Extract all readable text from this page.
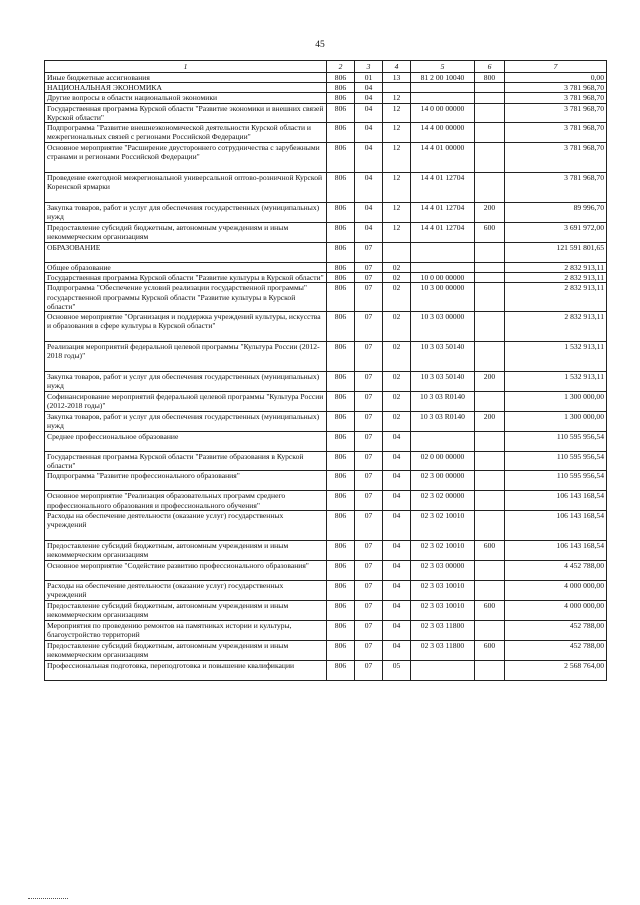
45
1	2	3	4	5	6	7
Иные бюджетные ассигнования	806	01	13	81 2 00 10040	800	0,00
НАЦИОНАЛЬНАЯ ЭКОНОМИКА	806	04				3 781 968,70
Другие вопросы в области национальной экономики	806	04	12			3 781 968,70
Государственная программа Курской области "Развитие экономики и внешних связей Курской области"	806	04	12	14 0 00 00000		3 781 968,70
Подпрограмма "Развитие внешнеэкономической деятельности Курской области и межрегиональных связей с регионами Российской Федерации"	806	04	12	14 4 00 00000		3 781 968,70
Основное мероприятие "Расширение двустороннего сотрудничества с зарубежными странами и регионами Российской Федерации"	806	04	12	14 4 01 00000		3 781 968,70
Проведение ежегодной межрегиональной универсальной оптово-розничной Курской Коренской ярмарки	806	04	12	14 4 01 12704		3 781 968,70
Закупка товаров, работ и услуг для обеспечения государственных (муниципальных) нужд	806	04	12	14 4 01 12704	200	89 996,70
Предоставление субсидий бюджетным, автономным учреждениям и иным некоммерческим организациям	806	04	12	14 4 01 12704	600	3 691 972,00
ОБРАЗОВАНИЕ	806	07				121 591 801,65
Общее образование	806	07	02			2 832 913,11
Государственная программа Курской области "Развитие культуры в Курской области"	806	07	02	10 0 00 00000		2 832 913,11
Подпрограмма "Обеспечение условий реализации государственной программы" государственной программы Курской области "Развитие культуры в Курской области"	806	07	02	10 3 00 00000		2 832 913,11
Основное мероприятие "Организация и поддержка учреждений культуры, искусства и образования в сфере культуры в Курской области"	806	07	02	10 3 03 00000		2 832 913,11
Реализация мероприятий федеральной целевой программы "Культура России (2012-2018 годы)"	806	07	02	10 3 03 50140		1 532 913,11
Закупка товаров, работ и услуг для обеспечения государственных (муниципальных) нужд	806	07	02	10 3 03 50140	200	1 532 913,11
Софинансирование мероприятий федеральной целевой программы "Культура России (2012-2018 годы)"	806	07	02	10 3 03 R0140		1 300 000,00
Закупка товаров, работ и услуг для обеспечения государственных (муниципальных) нужд	806	07	02	10 3 03 R0140	200	1 300 000,00
Среднее профессиональное образование	806	07	04			110 595 956,54
Государственная программа Курской области "Развитие образования в Курской области"	806	07	04	02 0 00 00000		110 595 956,54
Подпрограмма "Развитие профессионального образования"	806	07	04	02 3 00 00000		110 595 956,54
Основное мероприятие "Реализация образовательных программ среднего профессионального образования и профессионального обучения"	806	07	04	02 3 02 00000		106 143 168,54
Расходы на обеспечение деятельности (оказание услуг) государственных учреждений	806	07	04	02 3 02 10010		106 143 168,54
Предоставление субсидий бюджетным, автономным учреждениям и иным некоммерческим организациям	806	07	04	02 3 02 10010	600	106 143 168,54
Основное мероприятие "Содействие развитию профессионального образования"	806	07	04	02 3 03 00000		4 452 788,00
Расходы на обеспечение деятельности (оказание услуг) государственных учреждений	806	07	04	02 3 03 10010		4 000 000,00
Предоставление субсидий бюджетным, автономным учреждениям и иным некоммерческим организациям	806	07	04	02 3 03 10010	600	4 000 000,00
Мероприятия по проведению ремонтов на памятниках истории и культуры, благоустройство территорий	806	07	04	02 3 03 11800		452 788,00
Предоставление субсидий бюджетным, автономным учреждениям и иным некоммерческим организациям	806	07	04	02 3 03 11800	600	452 788,00
Профессиональная подготовка, переподготовка и повышение квалификации	806	07	05			2 568 764,00
